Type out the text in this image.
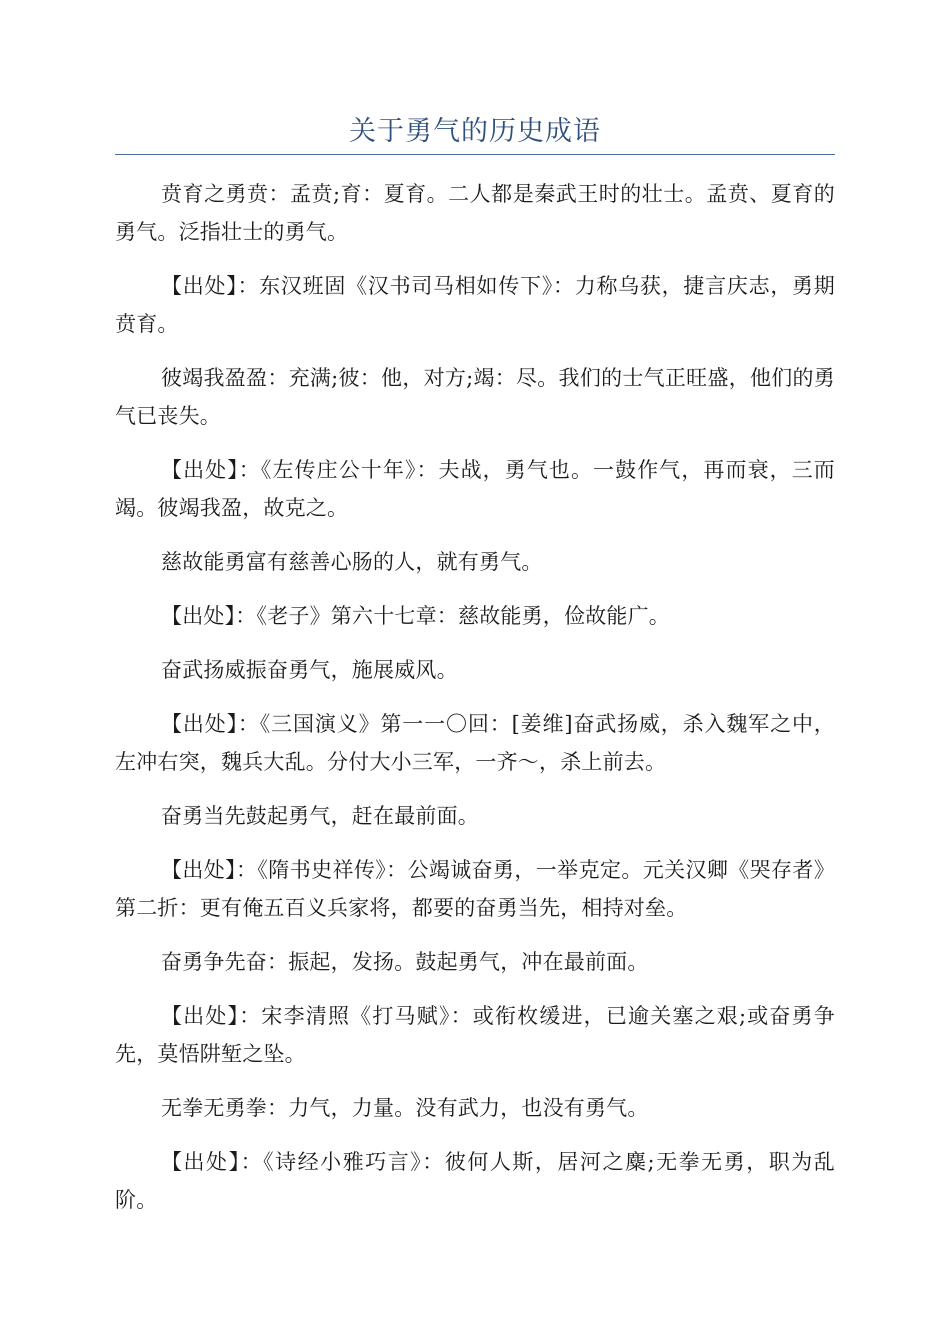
关于勇气的历史成语

贲育之勇贲：孟贲;育：夏育。二人都是秦武王时的壮士。孟贲、夏育的勇气。泛指壮士的勇气。

【出处】：东汉班固《汉书司马相如传下》：力称乌获，捷言庆志，勇期贲育。

彼竭我盈盈：充满;彼：他，对方;竭：尽。我们的士气正旺盛，他们的勇气已丧失。

【出处】：《左传庄公十年》：夫战，勇气也。一鼓作气，再而衰，三而竭。彼竭我盈，故克之。

慈故能勇富有慈善心肠的人，就有勇气。

【出处】：《老子》第六十七章：慈故能勇，俭故能广。

奋武扬威振奋勇气，施展威风。

【出处】：《三国演义》第一一〇回：[姜维]奋武扬威，杀入魏军之中，左冲右突，魏兵大乱。分付大小三军，一齐～，杀上前去。

奋勇当先鼓起勇气，赶在最前面。

【出处】：《隋书史祥传》：公竭诚奋勇，一举克定。元关汉卿《哭存者》第二折：更有俺五百义兵家将，都要的奋勇当先，相持对垒。

奋勇争先奋：振起，发扬。鼓起勇气，冲在最前面。

【出处】：宋李清照《打马赋》：或衔枚缓进，已逾关塞之艰;或奋勇争先，莫悟阱堑之坠。

无拳无勇拳：力气，力量。没有武力，也没有勇气。

【出处】：《诗经小雅巧言》：彼何人斯，居河之麋;无拳无勇，职为乱阶。
